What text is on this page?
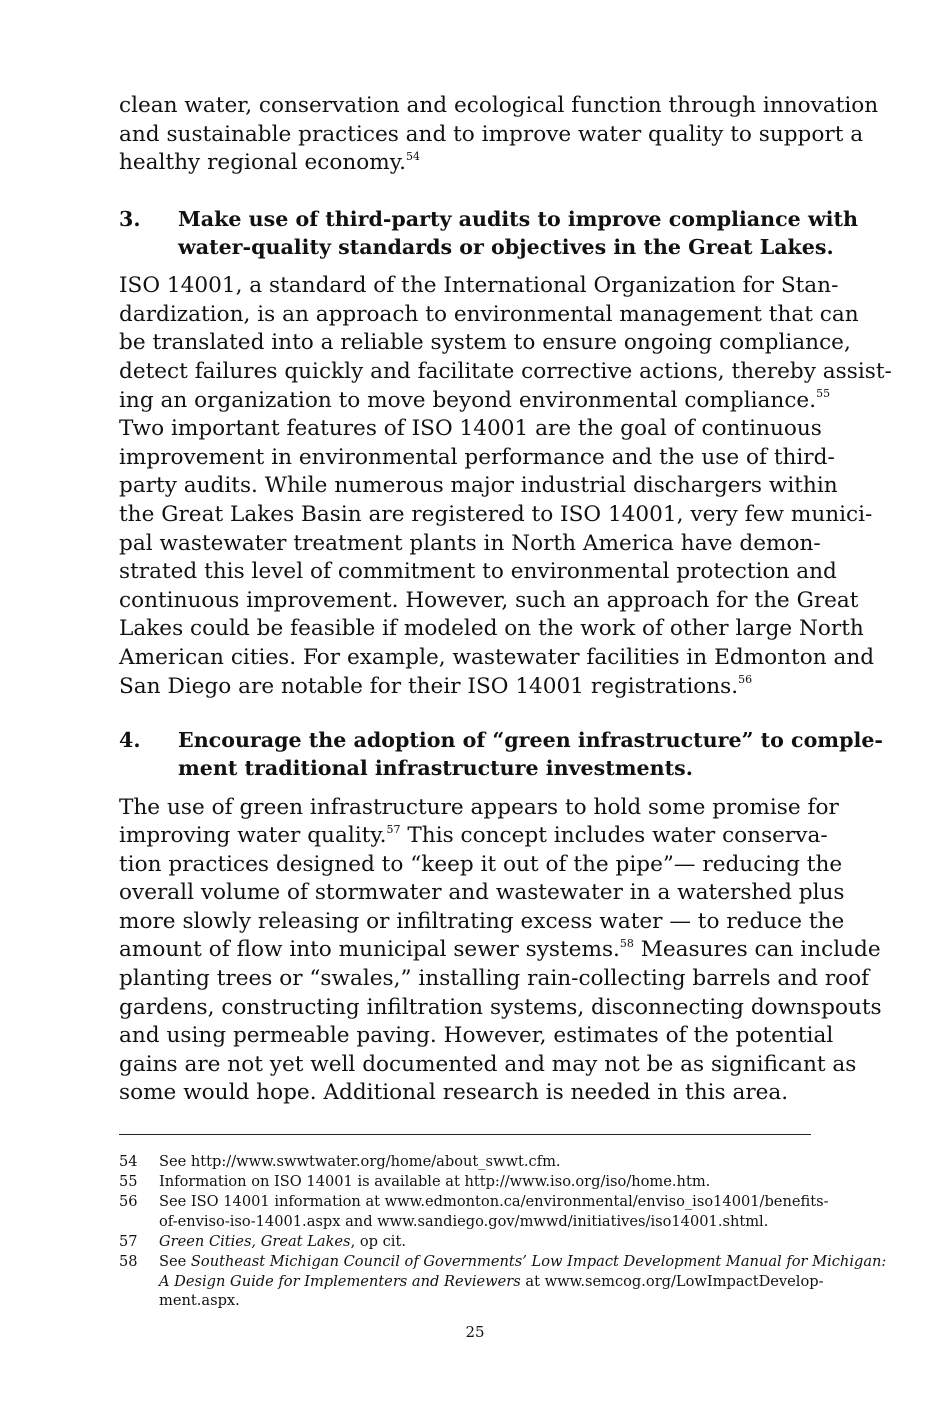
clean water, conservation and ecological function through innovation
and sustainable practices and to improve water quality to support a
healthy regional economy.$^{54}$

3. Make use of third-party audits to improve compliance with
water-quality standards or objectives in the Great Lakes.

ISO 14001, a standard of the International Organization for Stan-
dardization, is an approach to environmental management that can
be translated into a reliable system to ensure ongoing compliance,
detect failures quickly and facilitate corrective actions, thereby assist-
ing an organization to move beyond environmental compliance.$^{55}$
Two important features of ISO 14001 are the goal of continuous
improvement in environmental performance and the use of third-
party audits. While numerous major industrial dischargers within
the Great Lakes Basin are registered to ISO 14001, very few munici-
pal wastewater treatment plants in North America have demon-
strated this level of commitment to environmental protection and
continuous improvement. However, such an approach for the Great
Lakes could be feasible if modeled on the work of other large North
American cities. For example, wastewater facilities in Edmonton and
San Diego are notable for their ISO 14001 registrations.$^{56}$

4. Encourage the adoption of “green infrastructure” to comple-
ment traditional infrastructure investments.

The use of green infrastructure appears to hold some promise for
improving water quality.$^{57}$ This concept includes water conserva-
tion practices designed to “keep it out of the pipe”— reducing the
overall volume of stormwater and wastewater in a watershed plus
more slowly releasing or infiltrating excess water — to reduce the
amount of flow into municipal sewer systems.$^{58}$ Measures can include
planting trees or “swales,” installing rain-collecting barrels and roof
gardens, constructing infiltration systems, disconnecting downspouts
and using permeable paving. However, estimates of the potential
gains are not yet well documented and may not be as significant as
some would hope. Additional research is needed in this area.

54 See http://www.swwtwater.org/home/about_swwt.cfm.
55 Information on ISO 14001 is available at http://www.iso.org/iso/home.htm.
56 See ISO 14001 information at www.edmonton.ca/environmental/enviso_iso14001/benefits-
of-enviso-iso-14001.aspx and www.sandiego.gov/mwwd/initiatives/iso14001.shtml.
57 Green Cities, Great Lakes, op cit.
58 See Southeast Michigan Council of Governments’ Low Impact Development Manual for Michigan:
A Design Guide for Implementers and Reviewers at www.semcog.org/LowImpactDevelop-
ment.aspx.
25
